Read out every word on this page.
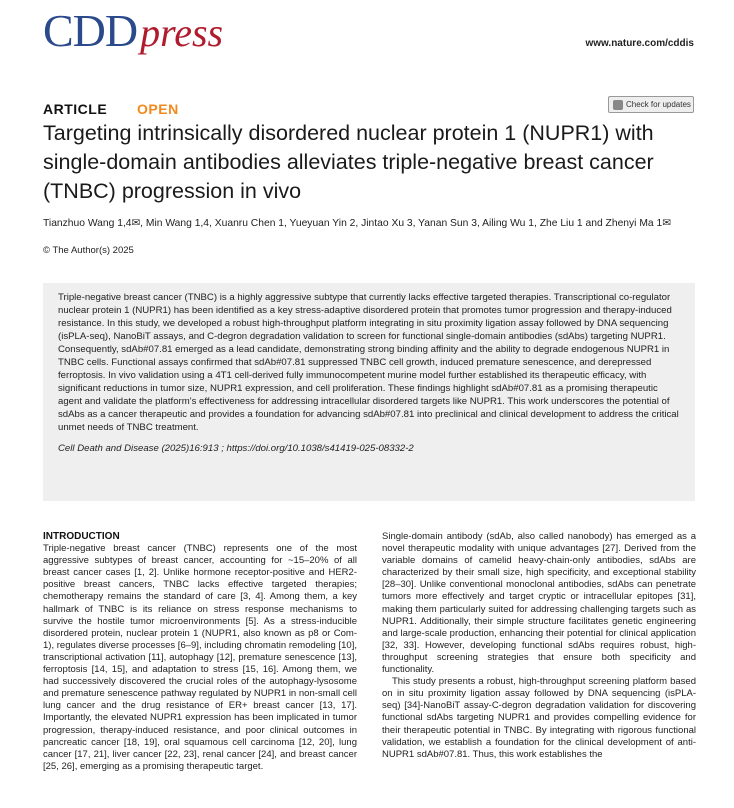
CDDpress	www.nature.com/cddis
ARTICLE OPEN	Check for updates
Targeting intrinsically disordered nuclear protein 1 (NUPR1) with single-domain antibodies alleviates triple-negative breast cancer (TNBC) progression in vivo
Tianzhuo Wang 1,4✉, Min Wang 1,4, Xuanru Chen 1, Yueyuan Yin 2, Jintao Xu 3, Yanan Sun 3, Ailing Wu 1, Zhe Liu 1 and Zhenyi Ma 1✉
© The Author(s) 2025

Triple-negative breast cancer (TNBC) is a highly aggressive subtype that currently lacks effective targeted therapies. Transcriptional co-regulator nuclear protein 1 (NUPR1) has been identified as a key stress-adaptive disordered protein that promotes tumor progression and therapy-induced resistance. In this study, we developed a robust high-throughput platform integrating in situ proximity ligation assay followed by DNA sequencing (isPLA-seq), NanoBiT assays, and C-degron degradation validation to screen for functional single-domain antibodies (sdAbs) targeting NUPR1. Consequently, sdAb#07.81 emerged as a lead candidate, demonstrating strong binding affinity and the ability to degrade endogenous NUPR1 in TNBC cells. Functional assays confirmed that sdAb#07.81 suppressed TNBC cell growth, induced premature senescence, and derepressed ferroptosis. In vivo validation using a 4T1 cell-derived fully immunocompetent murine model further established its therapeutic efficacy, with significant reductions in tumor size, NUPR1 expression, and cell proliferation. These findings highlight sdAb#07.81 as a promising therapeutic agent and validate the platform's effectiveness for addressing intracellular disordered targets like NUPR1. This work underscores the potential of sdAbs as a cancer therapeutic and provides a foundation for advancing sdAb#07.81 into preclinical and clinical development to address the critical unmet needs of TNBC treatment.

Cell Death and Disease (2025)16:913 ; https://doi.org/10.1038/s41419-025-08332-2

INTRODUCTION

Triple-negative breast cancer (TNBC) represents one of the most aggressive subtypes of breast cancer, accounting for ~15–20% of all breast cancer cases [1, 2]. Unlike hormone receptor-positive and HER2-positive breast cancers, TNBC lacks effective targeted therapies; chemotherapy remains the standard of care [3, 4]. Among them, a key hallmark of TNBC is its reliance on stress response mechanisms to survive the hostile tumor microenvironments [5]. As a stress-inducible disordered protein, nuclear protein 1 (NUPR1, also known as p8 or Com-1), regulates diverse processes [6–9], including chromatin remodeling [10], transcriptional activation [11], autophagy [12], premature senescence [13], ferroptosis [14, 15], and adaptation to stress [15, 16]. Among them, we had successively discovered the crucial roles of the autophagy-lysosome and premature senescence pathway regulated by NUPR1 in non-small cell lung cancer and the drug resistance of ER+ breast cancer [13, 17]. Importantly, the elevated NUPR1 expression has been implicated in tumor progression, therapy-induced resistance, and poor clinical outcomes in pancreatic cancer [18, 19], oral squamous cell carcinoma [12, 20], lung cancer [17, 21], liver cancer [22, 23], renal cancer [24], and breast cancer [25, 26], emerging as a promising therapeutic target.

Single-domain antibody (sdAb, also called nanobody) has emerged as a novel therapeutic modality with unique advantages [27]. Derived from the variable domains of camelid heavy-chain-only antibodies, sdAbs are characterized by their small size, high specificity, and exceptional stability [28–30]. Unlike conventional monoclonal antibodies, sdAbs can penetrate tumors more effectively and target cryptic or intracellular epitopes [31], making them particularly suited for addressing challenging targets such as NUPR1. Additionally, their simple structure facilitates genetic engineering and large-scale production, enhancing their potential for clinical application [32, 33]. However, developing functional sdAbs requires robust, high-throughput screening strategies that ensure both specificity and functionality.

This study presents a robust, high-throughput screening platform based on in situ proximity ligation assay followed by DNA sequencing (isPLA-seq) [34]-NanoBiT assay-C-degron degradation validation for discovering functional sdAbs targeting NUPR1 and provides compelling evidence for their therapeutic potential in TNBC. By integrating with rigorous functional validation, we establish a foundation for the clinical development of anti-NUPR1 sdAb#07.81. Thus, this work establishes the
